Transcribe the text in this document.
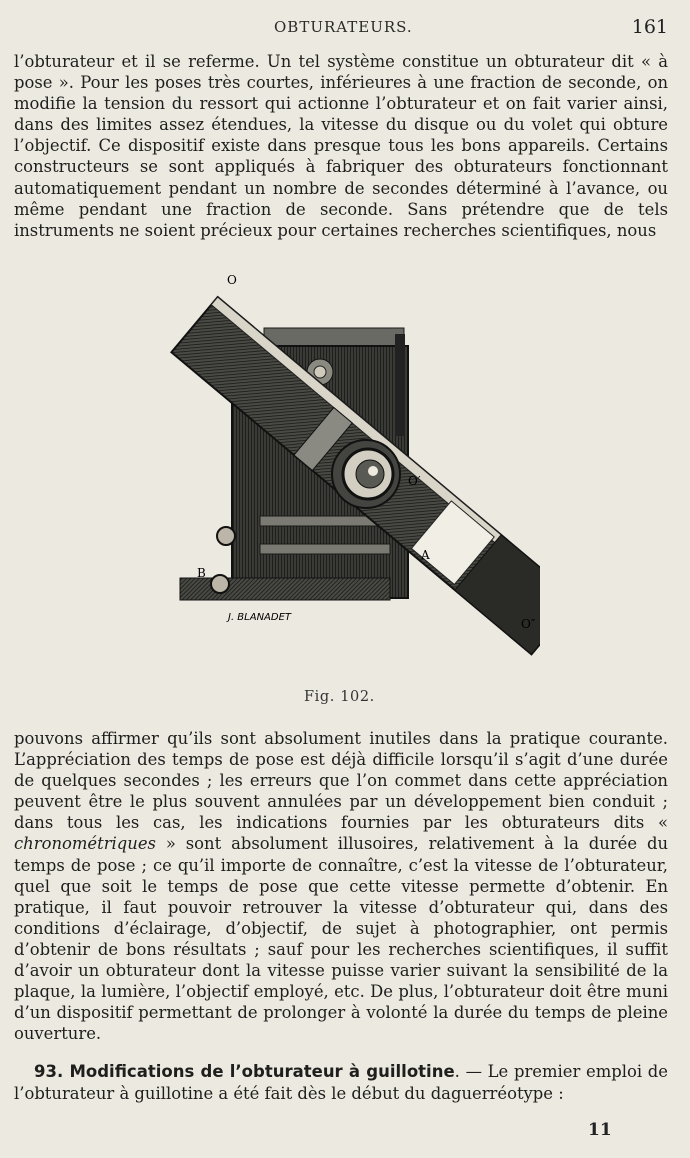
OBTURATEURS.	161

l’obturateur et il se referme. Un tel système constitue un obturateur dit « à pose ». Pour les poses très courtes, inférieures à une fraction de seconde, on modifie la tension du ressort qui actionne l’obturateur et on fait varier ainsi, dans des limites assez étendues, la vitesse du disque ou du volet qui obture l’objectif. Ce dispositif existe dans presque tous les bons appareils. Certains constructeurs se sont appliqués à fabriquer des obturateurs fonctionnant automatiquement pendant un nombre de secondes déterminé à l’avance, ou même pendant une fraction de seconde. Sans prétendre que de tels instruments ne soient précieux pour certaines recherches scientifiques, nous

O
O′
O″
A
B
J. BLANADET
Fig. 102.

pouvons affirmer qu’ils sont absolument inutiles dans la pratique courante. L’appréciation des temps de pose est déjà difficile lorsqu’il s’agit d’une durée de quelques secondes ; les erreurs que l’on commet dans cette appréciation peuvent être le plus souvent annulées par un développement bien conduit ; dans tous les cas, les indications fournies par les obturateurs dits « chronométriques » sont absolument illusoires, relativement à la durée du temps de pose ; ce qu’il importe de connaître, c’est la vitesse de l’obturateur, quel que soit le temps de pose que cette vitesse permette d’obtenir. En pratique, il faut pouvoir retrouver la vitesse d’obturateur qui, dans des conditions d’éclairage, d’objectif, de sujet à photographier, ont permis d’obtenir de bons résultats ; sauf pour les recherches scientifiques, il suffit d’avoir un obturateur dont la vitesse puisse varier suivant la sensibilité de la plaque, la lumière, l’objectif employé, etc. De plus, l’obturateur doit être muni d’un dispositif permettant de prolonger à volonté la durée du temps de pleine ouverture.

93. Modifications de l’obturateur à guillotine. — Le premier emploi de l’obturateur à guillotine a été fait dès le début du daguerréotype :

11
